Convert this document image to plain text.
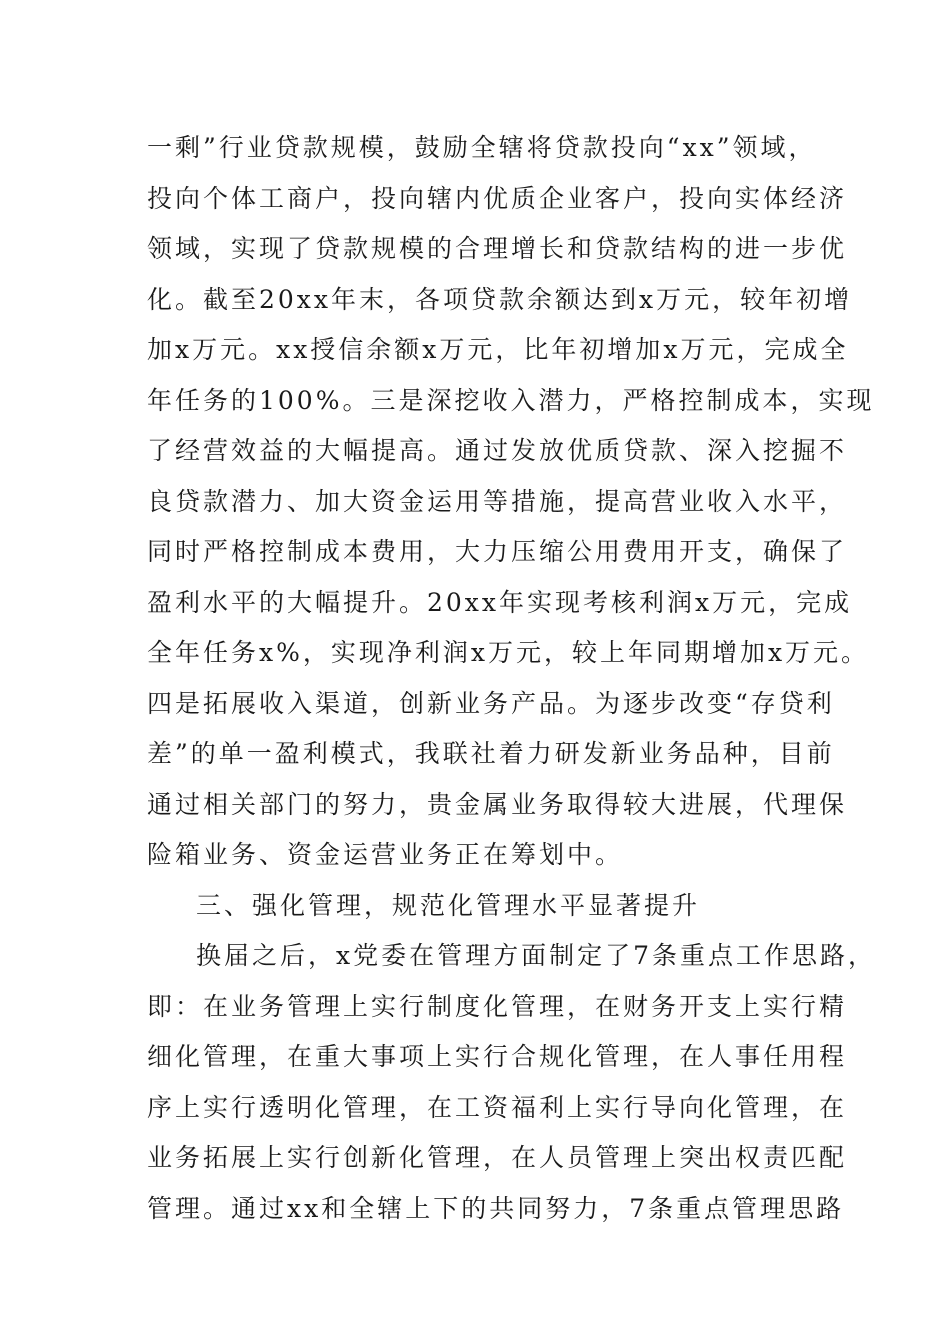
一剩”行业贷款规模，鼓励全辖将贷款投向“xx”领域，
投向个体工商户，投向辖内优质企业客户，投向实体经济
领域，实现了贷款规模的合理增长和贷款结构的进一步优
化。截至20xx年末，各项贷款余额达到x万元，较年初增
加x万元。xx授信余额x万元，比年初增加x万元，完成全
年任务的100%。三是深挖收入潜力，严格控制成本，实现
了经营效益的大幅提高。通过发放优质贷款、深入挖掘不
良贷款潜力、加大资金运用等措施，提高营业收入水平，
同时严格控制成本费用，大力压缩公用费用开支，确保了
盈利水平的大幅提升。20xx年实现考核利润x万元，完成
全年任务x%，实现净利润x万元，较上年同期增加x万元。
四是拓展收入渠道，创新业务产品。为逐步改变“存贷利
差”的单一盈利模式，我联社着力研发新业务品种，目前
通过相关部门的努力，贵金属业务取得较大进展，代理保
险箱业务、资金运营业务正在筹划中。
三、强化管理，规范化管理水平显著提升
换届之后，x党委在管理方面制定了7条重点工作思路，
即：在业务管理上实行制度化管理，在财务开支上实行精
细化管理，在重大事项上实行合规化管理，在人事任用程
序上实行透明化管理，在工资福利上实行导向化管理，在
业务拓展上实行创新化管理，在人员管理上突出权责匹配
管理。通过xx和全辖上下的共同努力，7条重点管理思路
